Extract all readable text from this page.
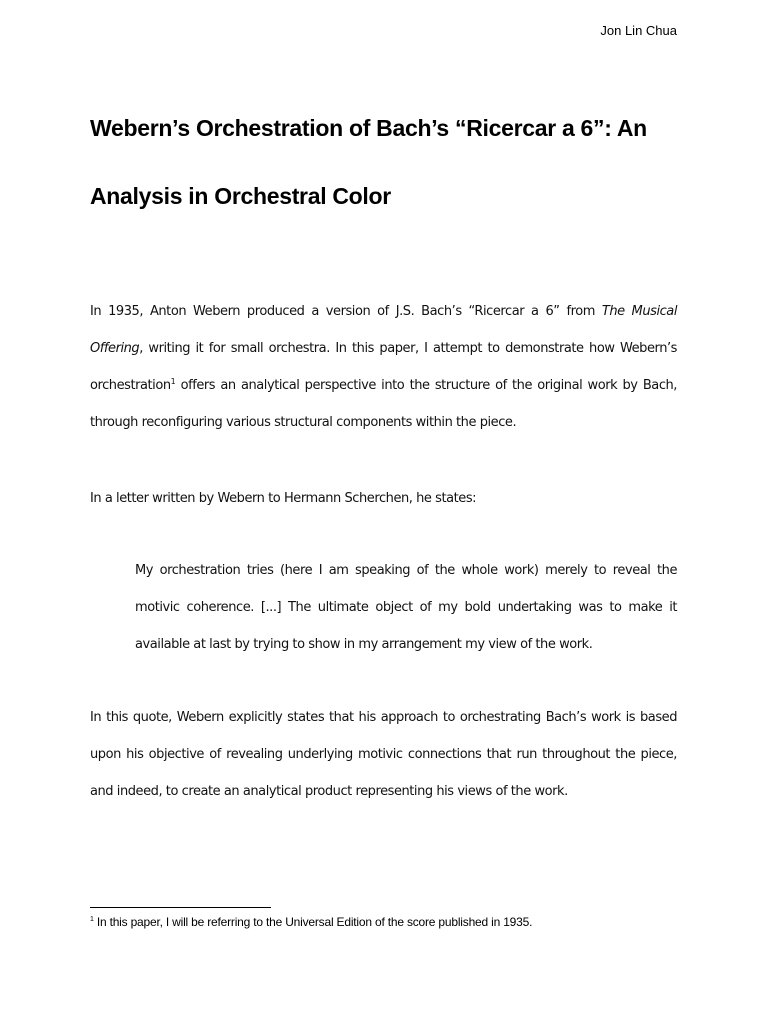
Jon Lin Chua
Webern’s Orchestration of Bach’s “Ricercar a 6”: An
Analysis in Orchestral Color
In 1935, Anton Webern produced a version of J.S. Bach’s “Ricercar a 6” from The Musical
Offering, writing it for small orchestra. In this paper, I attempt to demonstrate how Webern’s
orchestration$^1$ offers an analytical perspective into the structure of the original work by Bach,
through reconfiguring various structural components within the piece.
In a letter written by Webern to Hermann Scherchen, he states:
My orchestration tries (here I am speaking of the whole work) merely to reveal the
motivic coherence. [...] The ultimate object of my bold undertaking was to make it
available at last by trying to show in my arrangement my view of the work.
In this quote, Webern explicitly states that his approach to orchestrating Bach’s work is based
upon his objective of revealing underlying motivic connections that run throughout the piece,
and indeed, to create an analytical product representing his views of the work.
$^1$ In this paper, I will be referring to the Universal Edition of the score published in 1935.
